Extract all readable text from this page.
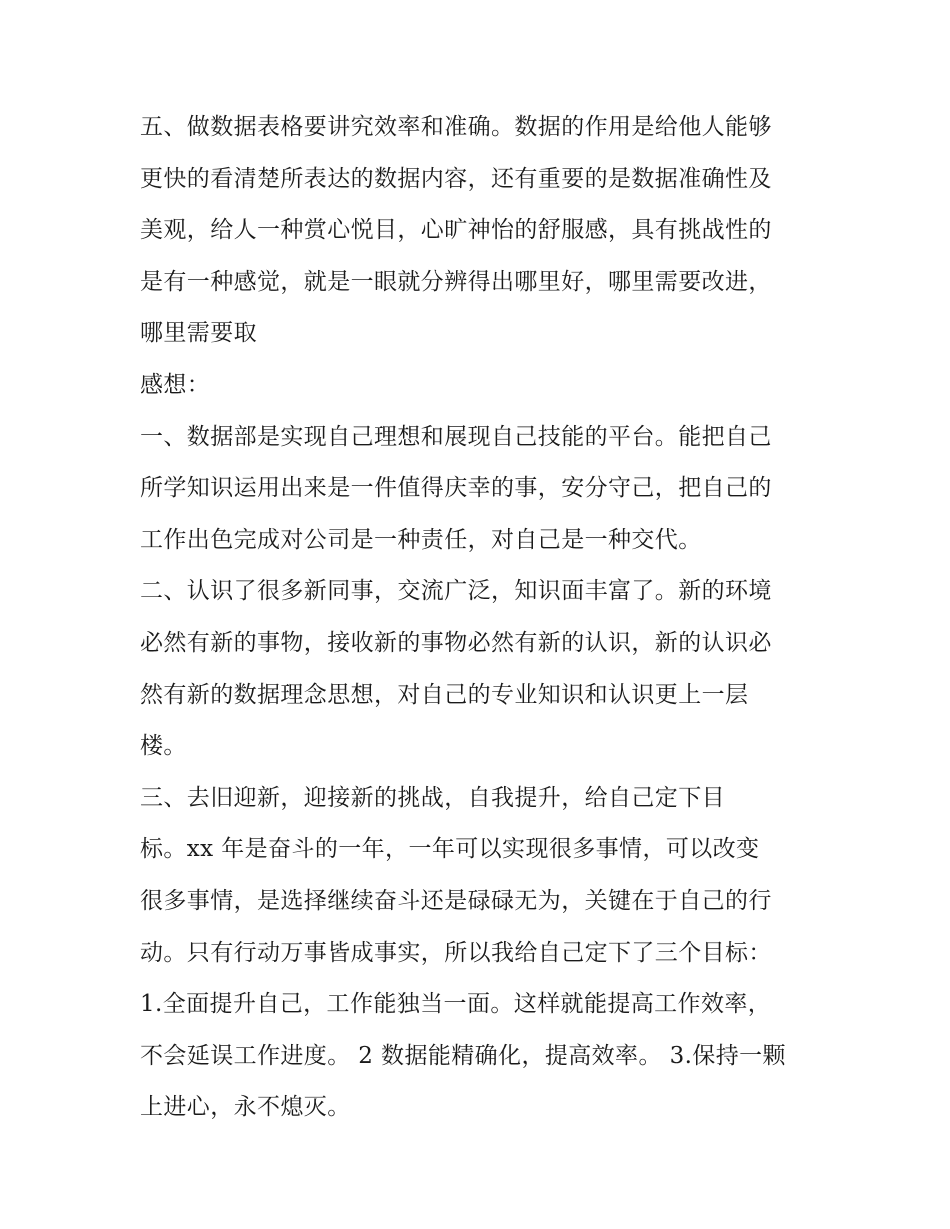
五、做数据表格要讲究效率和准确。数据的作用是给他人能够
更快的看清楚所表达的数据内容，还有重要的是数据准确性及
美观，给人一种赏心悦目，心旷神怡的舒服感，具有挑战性的
是有一种感觉，就是一眼就分辨得出哪里好，哪里需要改进，
哪里需要取
感想：
一、数据部是实现自己理想和展现自己技能的平台。能把自己
所学知识运用出来是一件值得庆幸的事，安分守己，把自己的
工作出色完成对公司是一种责任，对自己是一种交代。
二、认识了很多新同事，交流广泛，知识面丰富了。新的环境
必然有新的事物，接收新的事物必然有新的认识，新的认识必
然有新的数据理念思想，对自己的专业知识和认识更上一层
楼。
三、去旧迎新，迎接新的挑战，自我提升，给自己定下目
标。xx 年是奋斗的一年，一年可以实现很多事情，可以改变
很多事情，是选择继续奋斗还是碌碌无为，关键在于自己的行
动。只有行动万事皆成事实，所以我给自己定下了三个目标：
1.全面提升自己，工作能独当一面。这样就能提高工作效率，
不会延误工作进度。 2 数据能精确化，提高效率。 3.保持一颗
上进心，永不熄灭。
